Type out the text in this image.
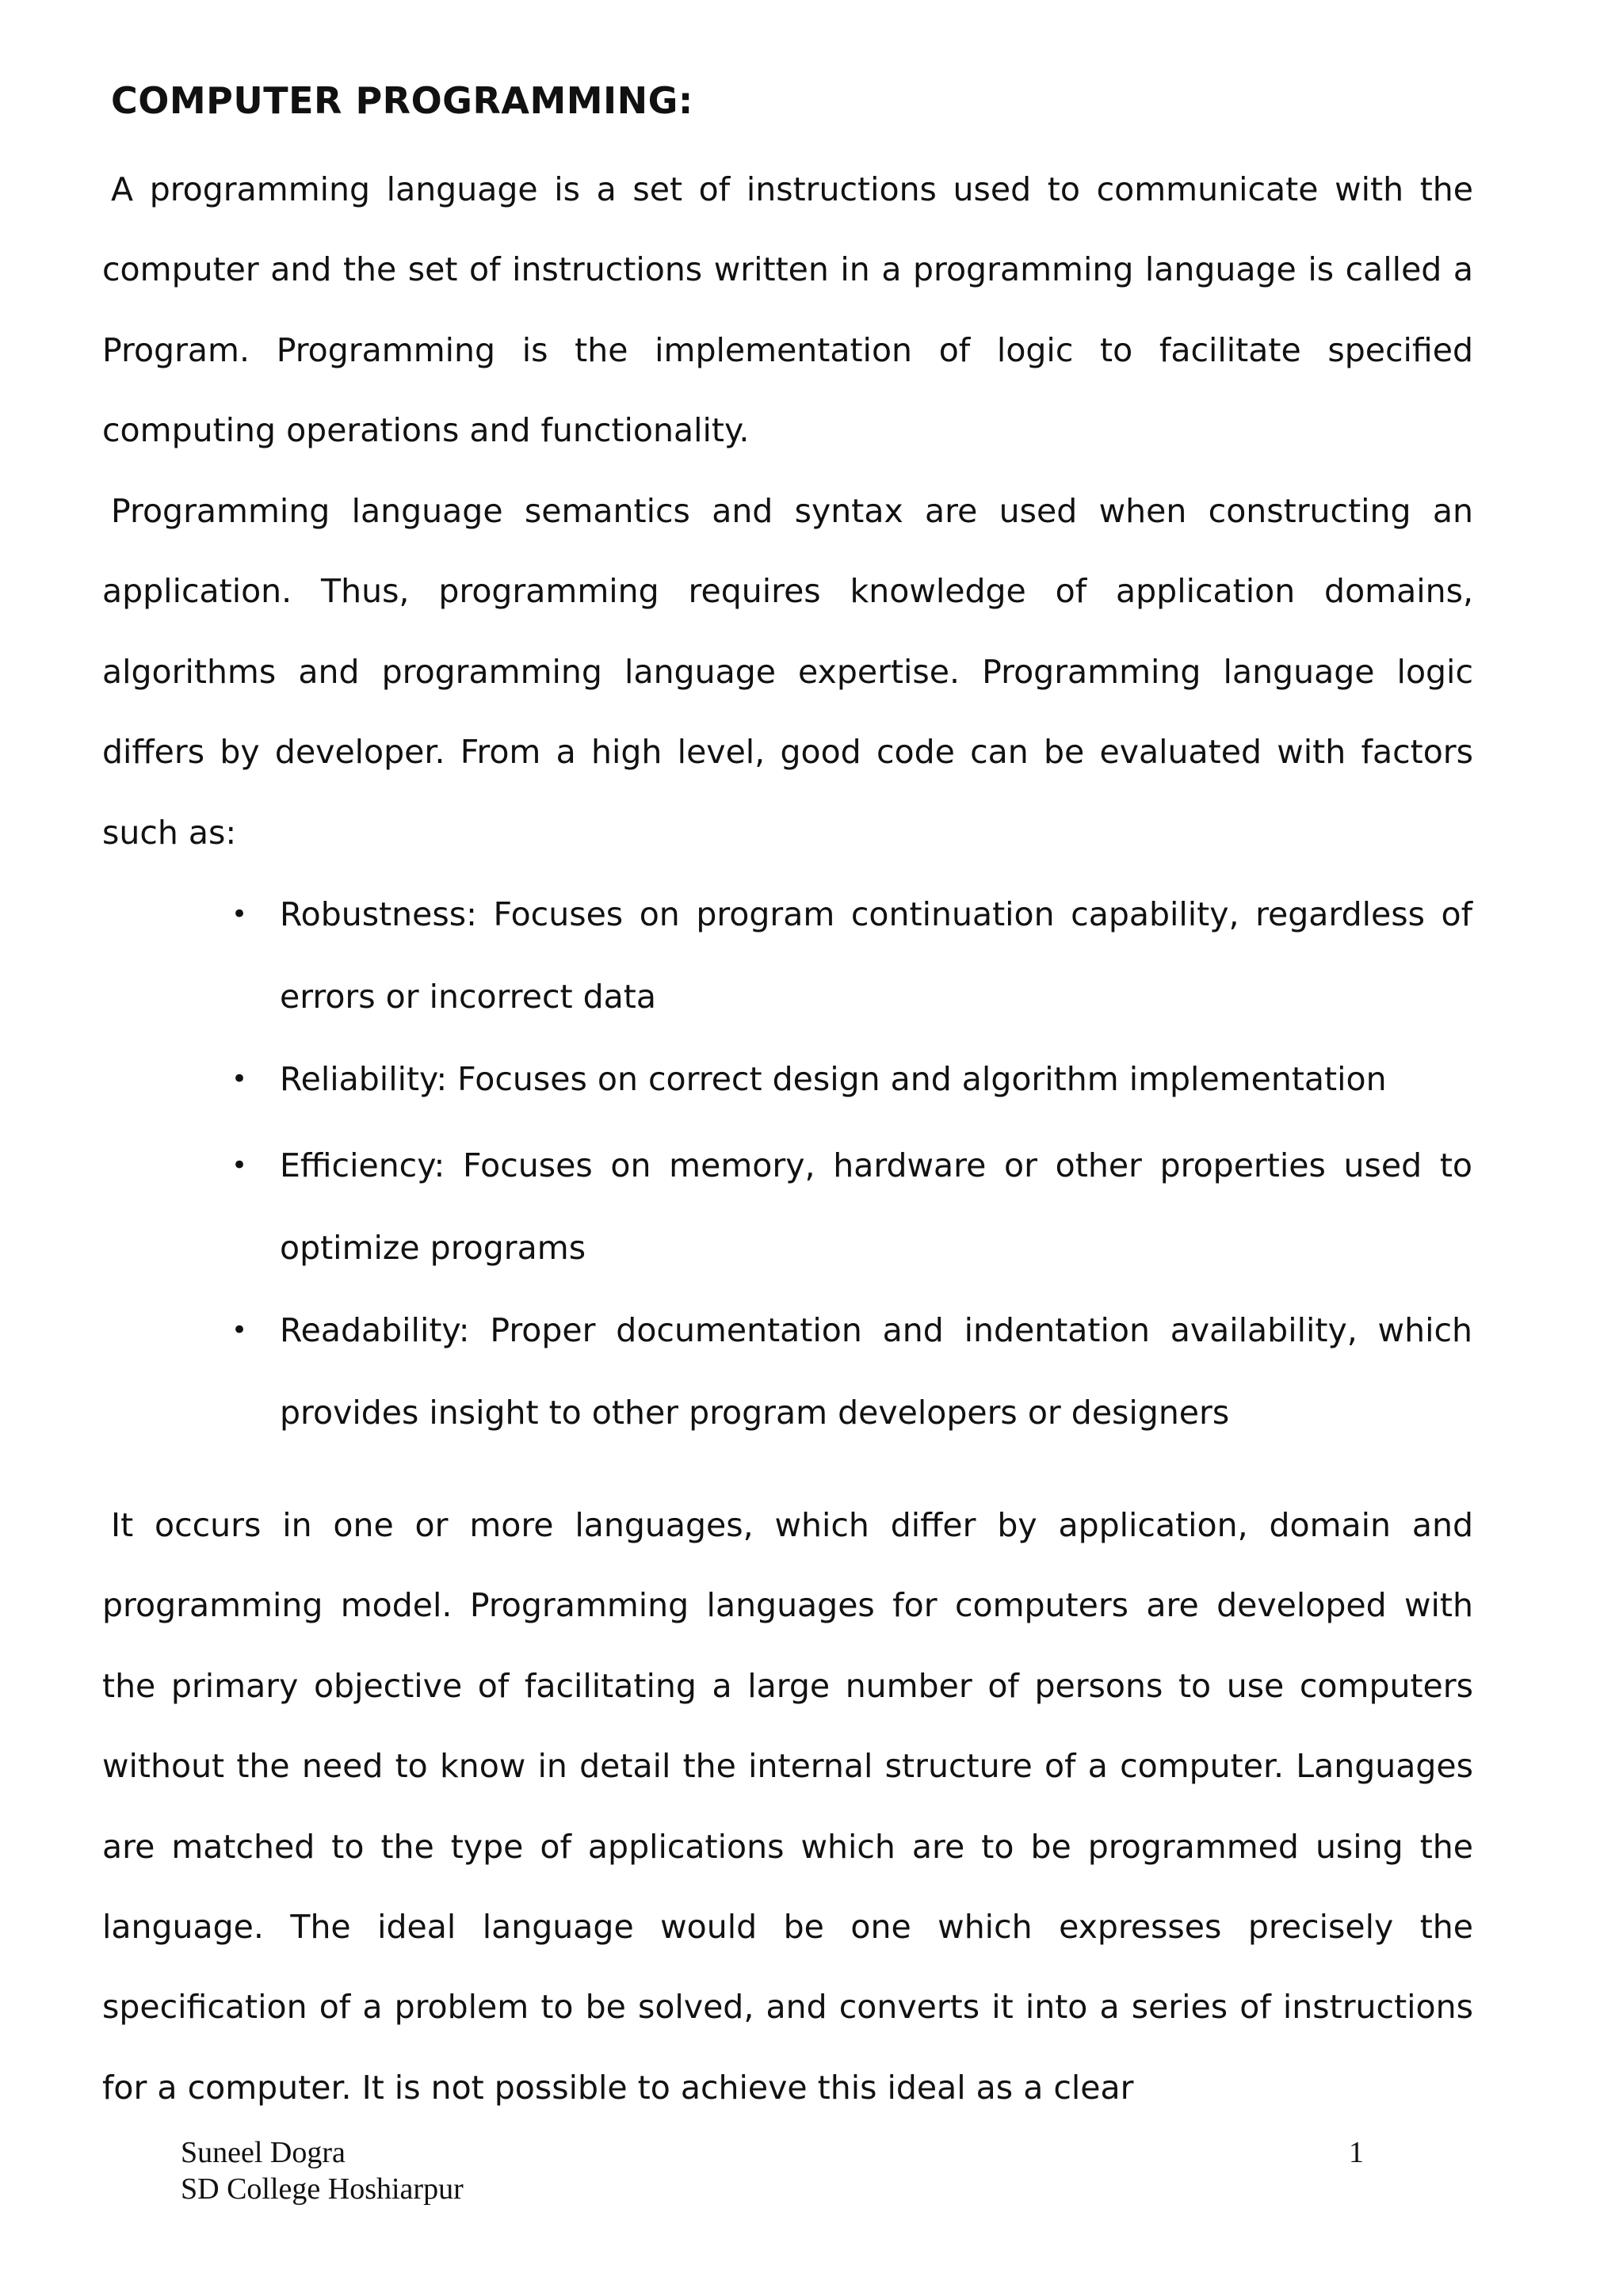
COMPUTER PROGRAMMING:

A programming language is a set of instructions used to communicate with the computer and the set of instructions written in a programming language is called a Program. Programming is the implementation of logic to facilitate specified computing operations and functionality.

Programming language semantics and syntax are used when constructing an application. Thus, programming requires knowledge of application domains, algorithms and programming language expertise. Programming language logic differs by developer. From a high level, good code can be evaluated with factors such as:

• Robustness: Focuses on program continuation capability, regardless of errors or incorrect data
• Reliability: Focuses on correct design and algorithm implementation
• Efficiency: Focuses on memory, hardware or other properties used to optimize programs
• Readability: Proper documentation and indentation availability, which provides insight to other program developers or designers

It occurs in one or more languages, which differ by application, domain and programming model. Programming languages for computers are developed with the primary objective of facilitating a large number of persons to use computers without the need to know in detail the internal structure of a computer. Languages are matched to the type of applications which are to be programmed using the language. The ideal language would be one which expresses precisely the specification of a problem to be solved, and converts it into a series of instructions for a computer. It is not possible to achieve this ideal as a clear

Suneel Dogra
SD College Hoshiarpur
1
